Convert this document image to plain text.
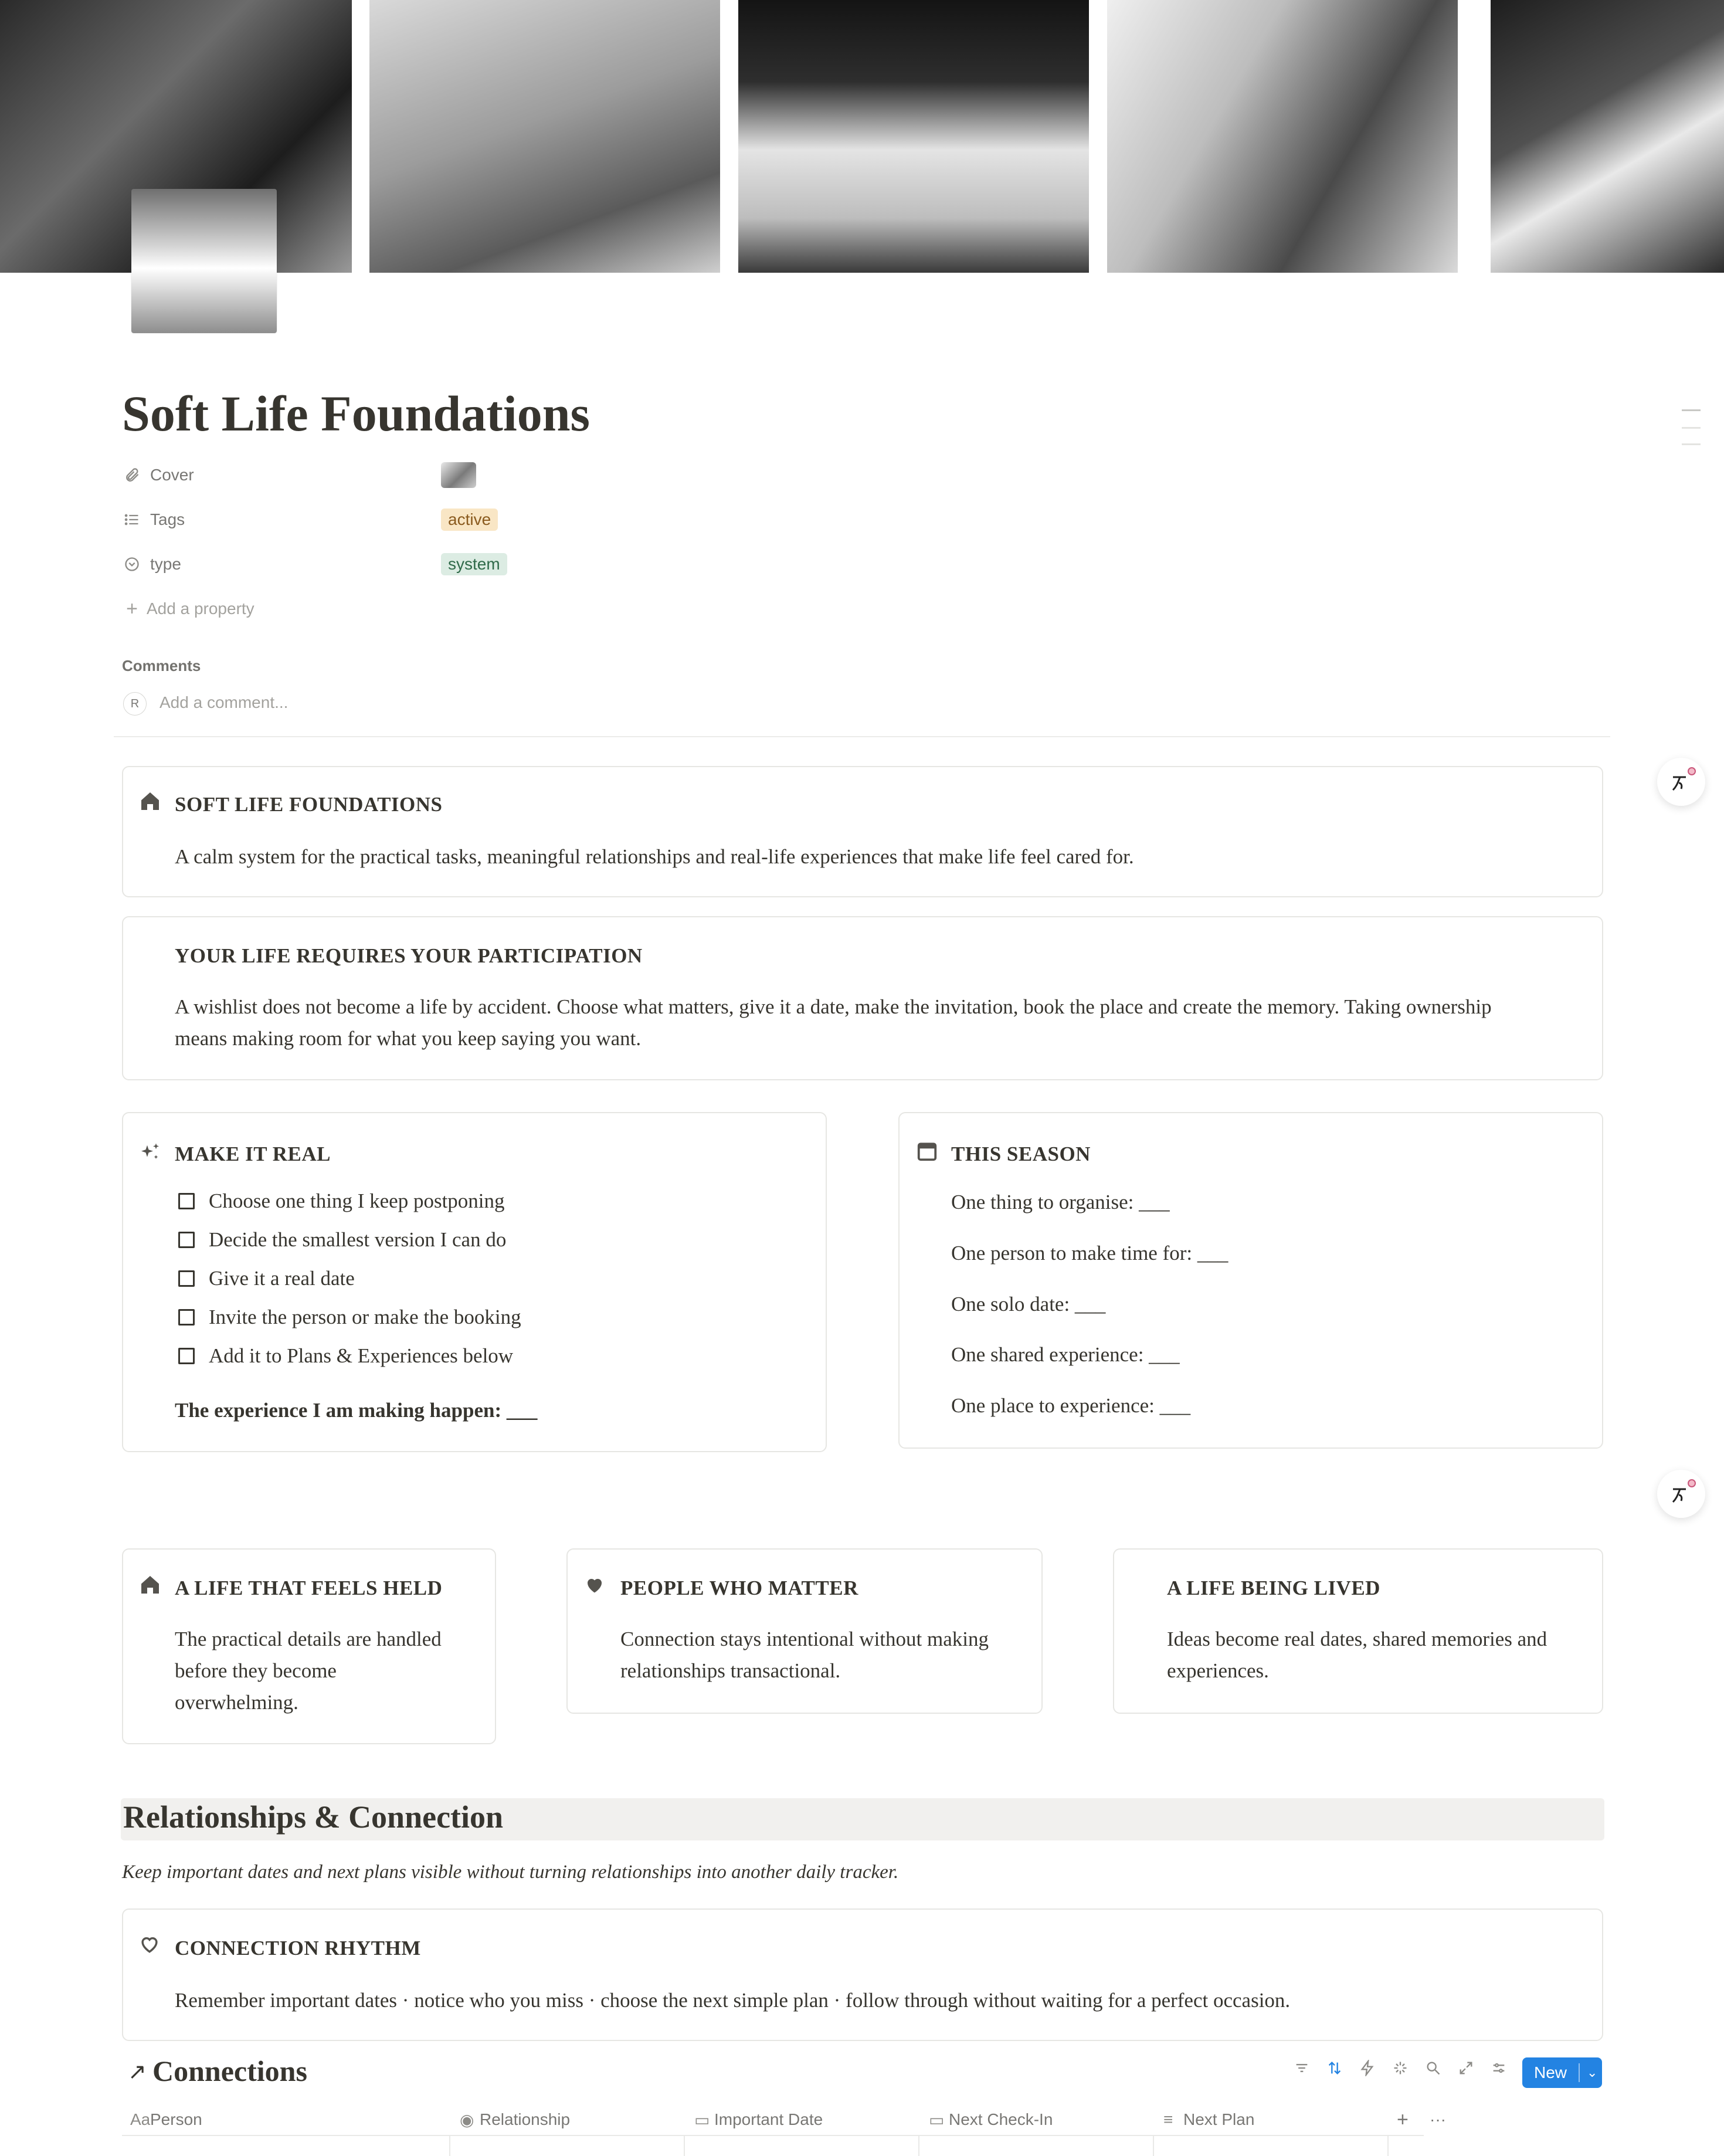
Soft Life Foundations
Cover
Tags	active
type	system
+ Add a property
Comments
R	Add a comment...
SOFT LIFE FOUNDATIONS
A calm system for the practical tasks, meaningful relationships and real-life experiences that make life feel cared for.
YOUR LIFE REQUIRES YOUR PARTICIPATION
A wishlist does not become a life by accident. Choose what matters, give it a date, make the invitation, book the place and create the memory. Taking ownership
means making room for what you keep saying you want.
MAKE IT REAL
Choose one thing I keep postponing
Decide the smallest version I can do
Give it a real date
Invite the person or make the booking
Add it to Plans & Experiences below
The experience I am making happen: ___
THIS SEASON
One thing to organise: ___
One person to make time for: ___
One solo date: ___
One shared experience: ___
One place to experience: ___
A LIFE THAT FEELS HELD
The practical details are handled
before they become
overwhelming.
PEOPLE WHO MATTER
Connection stays intentional without making
relationships transactional.
A LIFE BEING LIVED
Ideas become real dates, shared memories and
experiences.
Relationships & Connection
Keep important dates and next plans visible without turning relationships into another daily tracker.
CONNECTION RHYTHM
Remember important dates · notice who you miss · choose the next simple plan · follow through without waiting for a perfect occasion.
↗ Connections	New	⌄
Aa Person	◉ Relationship	▭ Important Date	▭ Next Check-In	≡ Next Plan	+ ···
